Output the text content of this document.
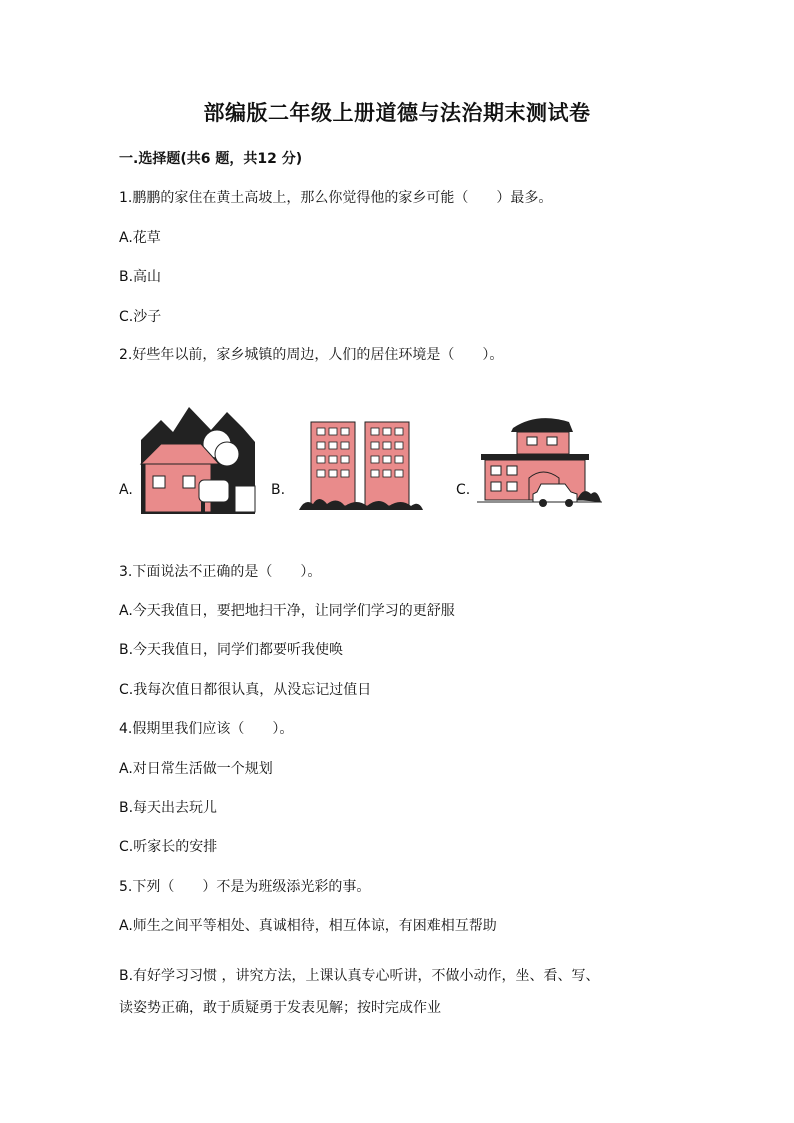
部编版二年级上册道德与法治期末测试卷
一.选择题(共6 题，共12 分)
1.鹏鹏的家住在黄土高坡上，那么你觉得他的家乡可能（　　）最多。
A.花草
B.高山
C.沙子
2.好些年以前，家乡城镇的周边，人们的居住环境是（　　）。
A.	B.	C.
3.下面说法不正确的是（　　）。
A.今天我值日，要把地扫干净，让同学们学习的更舒服
B.今天我值日，同学们都要听我使唤
C.我每次值日都很认真，从没忘记过值日
4.假期里我们应该（　　）。
A.对日常生活做一个规划
B.每天出去玩儿
C.听家长的安排
5.下列（　　）不是为班级添光彩的事。
A.师生之间平等相处、真诚相待，相互体谅，有困难相互帮助
B.有好学习习惯 ，讲究方法，上课认真专心听讲，不做小动作，坐、看、写、
读姿势正确，敢于质疑勇于发表见解；按时完成作业
